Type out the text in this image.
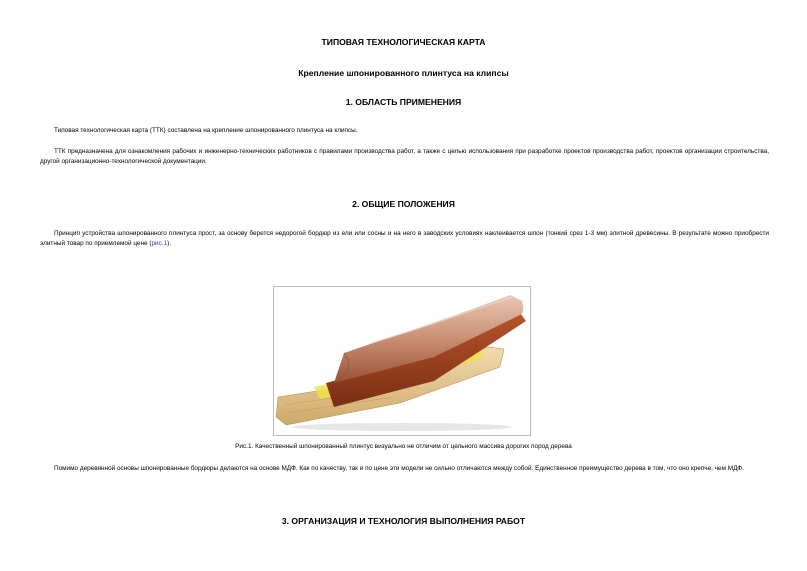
ТИПОВАЯ ТЕХНОЛОГИЧЕСКАЯ КАРТА
Крепление шпонированного плинтуса на клипсы
1. ОБЛАСТЬ ПРИМЕНЕНИЯ
Типовая технологическая карта (ТТК) составлена на крепление шпонированного плинтуса на клипсы.
ТТК предназначена для ознакомления рабочих и инженерно-технических работников с правилами производства работ, а также с целью использования при разработке проектов производства работ, проектов организации строительства, другой организационно-технологической документации.
2. ОБЩИЕ ПОЛОЖЕНИЯ
Принцип устройства шпонированного плинтуса прост, за основу берется недорогой бордюр из ели или сосны и на него в заводских условиях наклеивается шпон (тонкий срез 1-3 мм) элитной древесины. В результате можно приобрести элитный товар по приемлемой цене (рис.1).
Рис.1. Качественный шпонированный плинтус визуально не отличим от цельного массива дорогих пород дерева
Помимо деревянной основы шпонированные бордюры делаются на основе МДФ. Как по качеству, так и по цене эти модели не сильно отличаются между собой. Единственное преимущество дерева в том, что оно крепче, чем МДФ.
3. ОРГАНИЗАЦИЯ И ТЕХНОЛОГИЯ ВЫПОЛНЕНИЯ РАБОТ
